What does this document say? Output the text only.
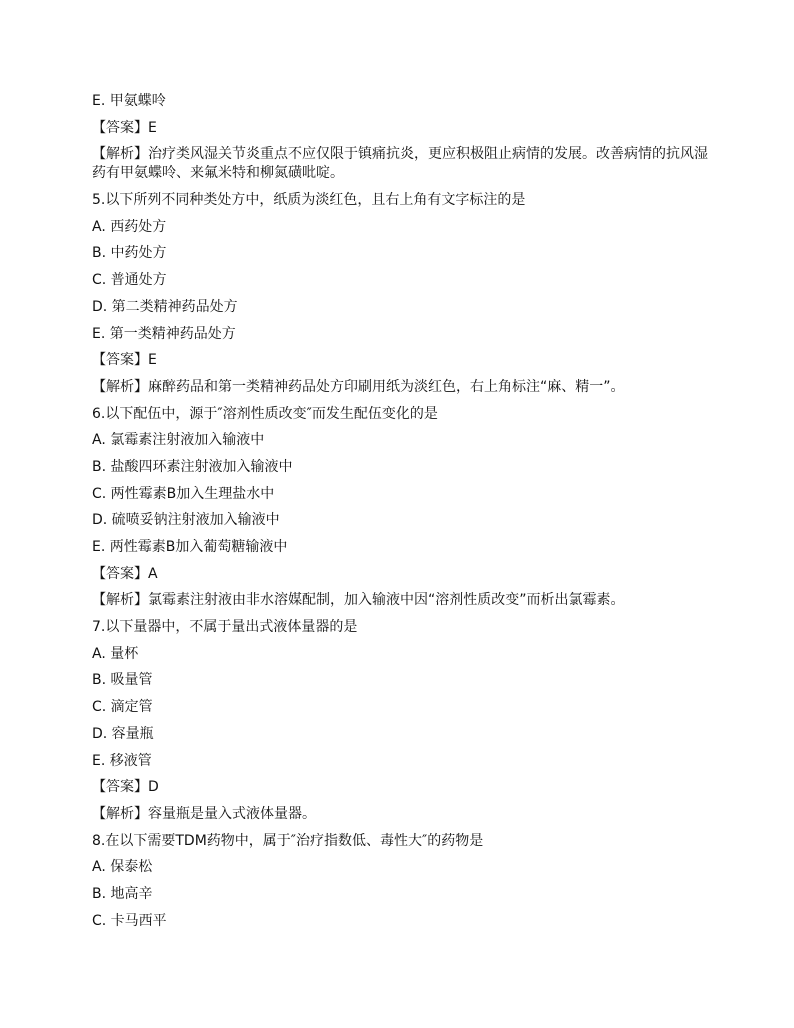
E. 甲氨蝶呤
【答案】E
【解析】治疗类风湿关节炎重点不应仅限于镇痛抗炎，更应积极阻止病情的发展。改善病情的抗风湿药有甲氨蝶呤、来氟米特和柳氮磺吡啶。
5.以下所列不同种类处方中，纸质为淡红色，且右上角有文字标注的是
A. 西药处方
B. 中药处方
C. 普通处方
D. 第二类精神药品处方
E. 第一类精神药品处方
【答案】E
【解析】麻醉药品和第一类精神药品处方印刷用纸为淡红色，右上角标注“麻、精一”。
6.以下配伍中，源于″溶剂性质改变″而发生配伍变化的是
A. 氯霉素注射液加入输液中
B. 盐酸四环素注射液加入输液中
C. 两性霉素B加入生理盐水中
D. 硫喷妥钠注射液加入输液中
E. 两性霉素B加入葡萄糖输液中
【答案】A
【解析】氯霉素注射液由非水溶媒配制，加入输液中因“溶剂性质改变”而析出氯霉素。
7.以下量器中，不属于量出式液体量器的是
A. 量杯
B. 吸量管
C. 滴定管
D. 容量瓶
E. 移液管
【答案】D
【解析】容量瓶是量入式液体量器。
8.在以下需要TDM药物中，属于″治疗指数低、毒性大″的药物是
A. 保泰松
B. 地高辛
C. 卡马西平
